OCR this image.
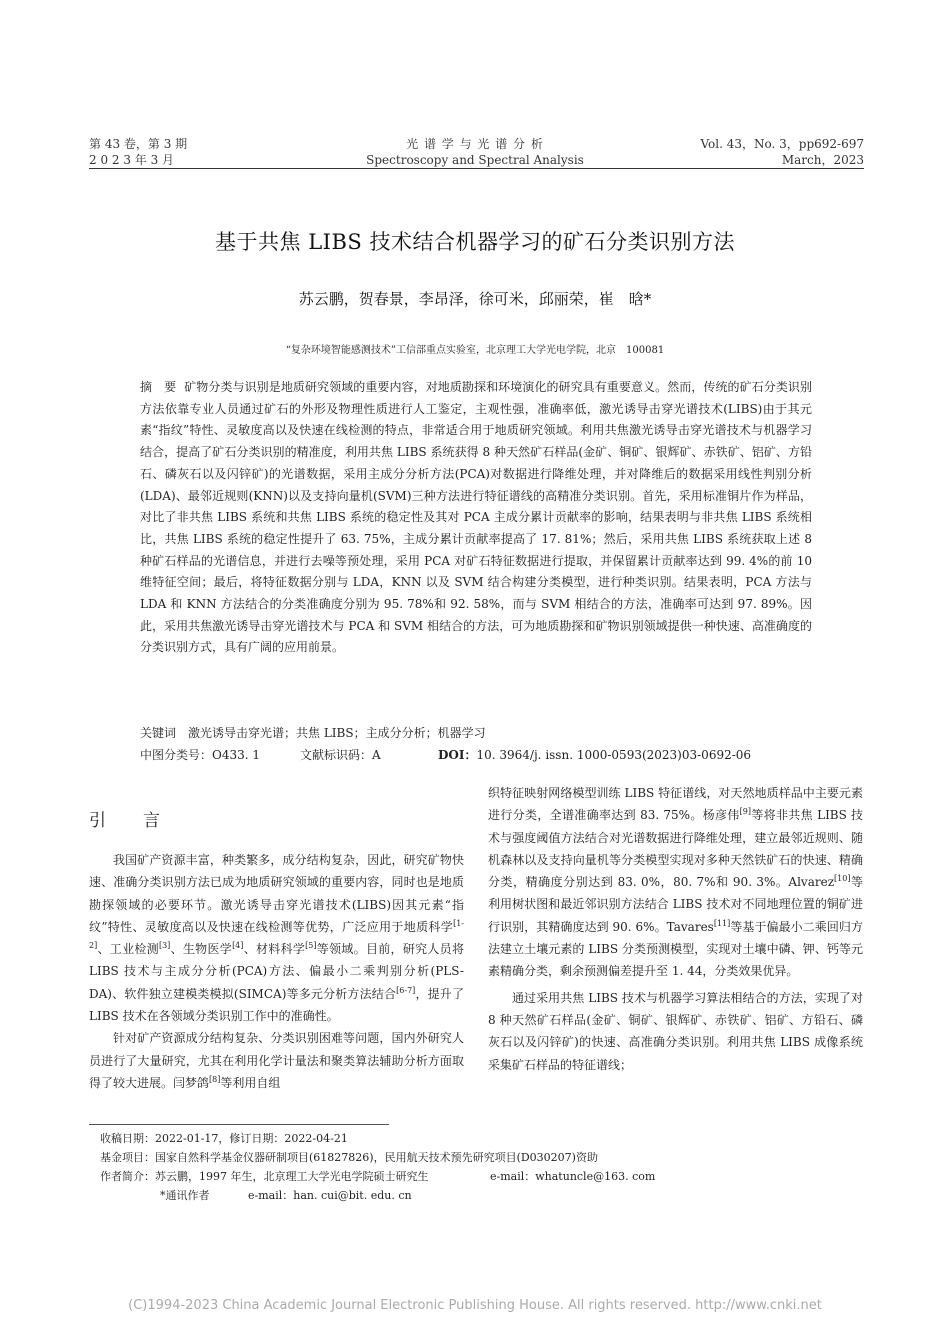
第 43 卷，第 3 期
2 0 2 3 年 3 月
光 谱 学 与 光 谱 分 析
Spectroscopy and Spectral Analysis
Vol. 43，No. 3，pp692-697
March，2023
基于共焦 LIBS 技术结合机器学习的矿石分类识别方法
苏云鹏，贺春景，李昂泽，徐可米，邱丽荣，崔　晗*
“复杂环境智能感测技术”工信部重点实验室，北京理工大学光电学院，北京　100081
摘　要 矿物分类与识别是地质研究领域的重要内容，对地质勘探和环境演化的研究具有重要意义。然而，传统的矿石分类识别方法依靠专业人员通过矿石的外形及物理性质进行人工鉴定，主观性强，准确率低，激光诱导击穿光谱技术(LIBS)由于其元素“指纹”特性、灵敏度高以及快速在线检测的特点，非常适合用于地质研究领域。利用共焦激光诱导击穿光谱技术与机器学习结合，提高了矿石分类识别的精准度，利用共焦 LIBS 系统获得 8 种天然矿石样品(金矿、铜矿、银辉矿、赤铁矿、铝矿、方铅石、磷灰石以及闪锌矿)的光谱数据，采用主成分分析方法(PCA)对数据进行降维处理，并对降维后的数据采用线性判别分析(LDA)、最邻近规则(KNN)以及支持向量机(SVM)三种方法进行特征谱线的高精准分类识别。首先，采用标准铜片作为样品，对比了非共焦 LIBS 系统和共焦 LIBS 系统的稳定性及其对 PCA 主成分累计贡献率的影响，结果表明与非共焦 LIBS 系统相比，共焦 LIBS 系统的稳定性提升了 63. 75%，主成分累计贡献率提高了 17. 81%；然后，采用共焦 LIBS 系统获取上述 8 种矿石样品的光谱信息，并进行去噪等预处理，采用 PCA 对矿石特征数据进行提取，并保留累计贡献率达到 99. 4%的前 10 维特征空间；最后，将特征数据分别与 LDA，KNN 以及 SVM 结合构建分类模型，进行种类识别。结果表明，PCA 方法与 LDA 和 KNN 方法结合的分类准确度分别为 95. 78%和 92. 58%，而与 SVM 相结合的方法，准确率可达到 97. 89%。因此，采用共焦激光诱导击穿光谱技术与 PCA 和 SVM 相结合的方法，可为地质勘探和矿物识别领域提供一种快速、高准确度的分类识别方式，具有广阔的应用前景。
关键词 激光诱导击穿光谱；共焦 LIBS；主成分分析；机器学习
中图分类号：O433. 1	文献标识码：A	DOI：10. 3964/j. issn. 1000-0593(2023)03-0692-06
引　言

我国矿产资源丰富，种类繁多，成分结构复杂，因此，研究矿物快速、准确分类识别方法已成为地质研究领域的重要内容，同时也是地质勘探领域的必要环节。激光诱导击穿光谱技术(LIBS)因其元素“指纹”特性、灵敏度高以及快速在线检测等优势，广泛应用于地质科学[1-2]、工业检测[3]、生物医学[4]、材料科学[5]等领域。目前，研究人员将 LIBS 技术与主成分分析(PCA)方法、偏最小二乘判别分析(PLS-DA)、软件独立建模类模拟(SIMCA)等多元分析方法结合[6-7]，提升了 LIBS 技术在各领域分类识别工作中的准确性。

针对矿产资源成分结构复杂、分类识别困难等问题，国内外研究人员进行了大量研究，尤其在利用化学计量法和聚类算法辅助分析方面取得了较大进展。闫梦鸽[8]等利用自组

织特征映射网络模型训练 LIBS 特征谱线，对天然地质样品中主要元素进行分类，全谱准确率达到 83. 75%。杨彦伟[9]等将非共焦 LIBS 技术与强度阈值方法结合对光谱数据进行降维处理，建立最邻近规则、随机森林以及支持向量机等分类模型实现对多种天然铁矿石的快速、精确分类，精确度分别达到 83. 0%，80. 7%和 90. 3%。Alvarez[10]等利用树状图和最近邻识别方法结合 LIBS 技术对不同地理位置的铜矿进行识别，其精确度达到 90. 6%。Tavares[11]等基于偏最小二乘回归方法建立土壤元素的 LIBS 分类预测模型，实现对土壤中磷、钾、钙等元素精确分类，剩余预测偏差提升至 1. 44，分类效果优异。

通过采用共焦 LIBS 技术与机器学习算法相结合的方法，实现了对 8 种天然矿石样品(金矿、铜矿、银辉矿、赤铁矿、铝矿、方铅石、磷灰石以及闪锌矿)的快速、高准确分类识别。利用共焦 LIBS 成像系统采集矿石样品的特征谱线；

收稿日期：2022-01-17，修订日期：2022-04-21
基金项目：国家自然科学基金仪器研制项目(61827826)，民用航天技术预先研究项目(D030207)资助
作者简介：苏云鹏，1997 年生，北京理工大学光电学院硕士研究生	e-mail：whatuncle@163. com
*通讯作者	e-mail：han. cui@bit. edu. cn
(C)1994-2023 China Academic Journal Electronic Publishing House. All rights reserved. http://www.cnki.net
